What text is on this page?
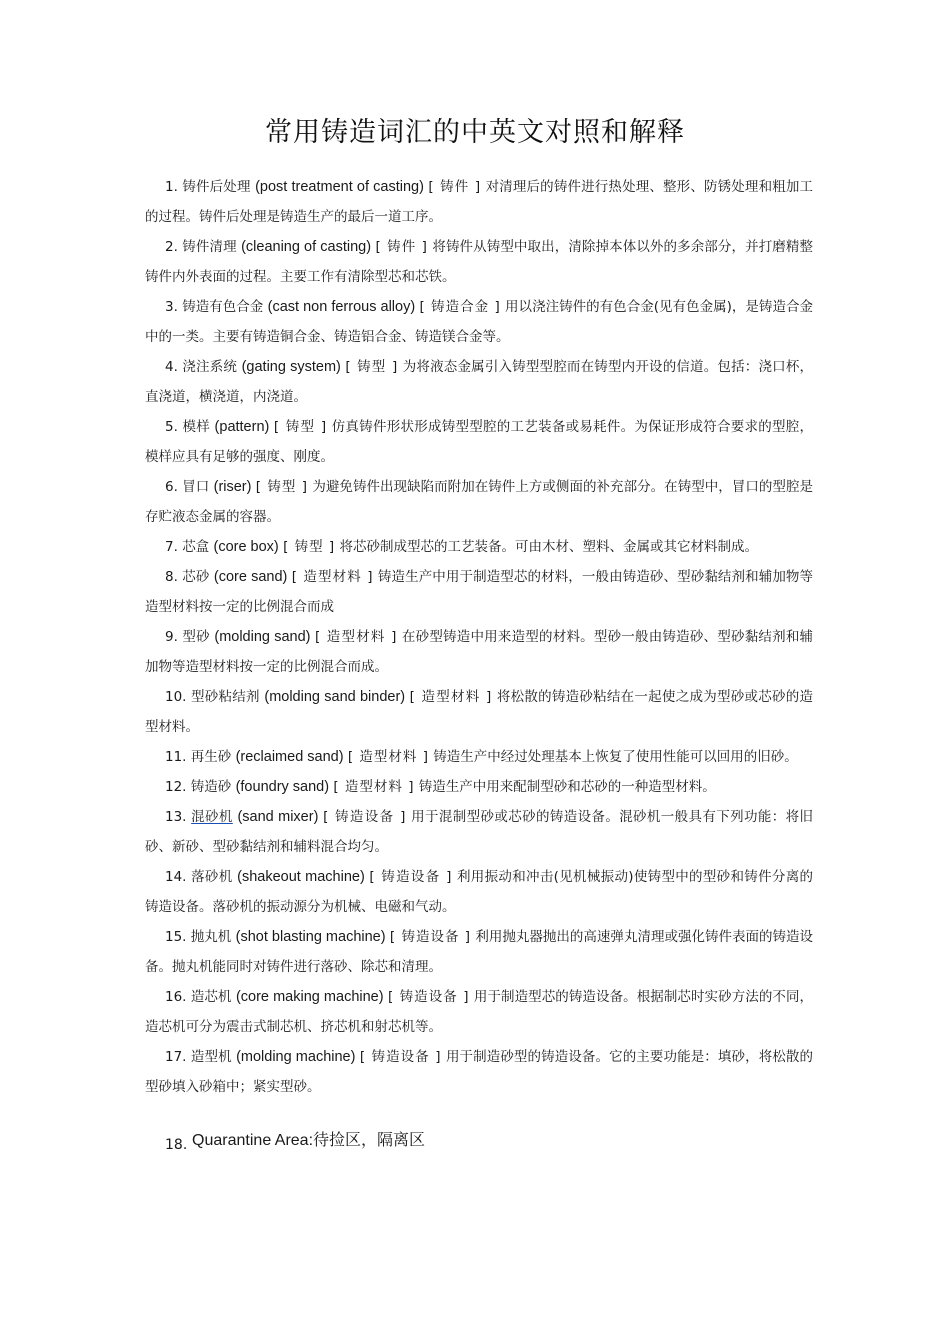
常用铸造词汇的中英文对照和解释
1. 铸件后处理 (post treatment of casting) [ 铸件 ] 对清理后的铸件进行热处理、整形、防锈处理和粗加工的过程。铸件后处理是铸造生产的最后一道工序。
2. 铸件清理 (cleaning of casting) [ 铸件 ] 将铸件从铸型中取出，清除掉本体以外的多余部分，并打磨精整铸件内外表面的过程。主要工作有清除型芯和芯铁。
3. 铸造有色合金 (cast non ferrous alloy) [ 铸造合金 ] 用以浇注铸件的有色合金(见有色金属)，是铸造合金中的一类。主要有铸造铜合金、铸造铝合金、铸造镁合金等。
4. 浇注系统 (gating system) [ 铸型 ] 为将液态金属引入铸型型腔而在铸型内开设的信道。包括：浇口杯，直浇道，横浇道，内浇道。
5. 模样 (pattern) [ 铸型 ] 仿真铸件形状形成铸型型腔的工艺装备或易耗件。为保证形成符合要求的型腔，模样应具有足够的强度、刚度。
6. 冒口 (riser) [ 铸型 ] 为避免铸件出现缺陷而附加在铸件上方或侧面的补充部分。在铸型中，冒口的型腔是存贮液态金属的容器。
7. 芯盒 (core box) [ 铸型 ] 将芯砂制成型芯的工艺装备。可由木材、塑料、金属或其它材料制成。
8. 芯砂 (core sand) [ 造型材料 ] 铸造生产中用于制造型芯的材料，一般由铸造砂、型砂黏结剂和辅加物等造型材料按一定的比例混合而成
9. 型砂 (molding sand) [ 造型材料 ] 在砂型铸造中用来造型的材料。型砂一般由铸造砂、型砂黏结剂和辅加物等造型材料按一定的比例混合而成。
10. 型砂粘结剂 (molding sand binder) [ 造型材料 ] 将松散的铸造砂粘结在一起使之成为型砂或芯砂的造型材料。
11. 再生砂 (reclaimed sand) [ 造型材料 ] 铸造生产中经过处理基本上恢复了使用性能可以回用的旧砂。
12. 铸造砂 (foundry sand) [ 造型材料 ] 铸造生产中用来配制型砂和芯砂的一种造型材料。
13. 混砂机 (sand mixer) [ 铸造设备 ] 用于混制型砂或芯砂的铸造设备。混砂机一般具有下列功能：将旧砂、新砂、型砂黏结剂和辅料混合均匀。
14. 落砂机 (shakeout machine) [ 铸造设备 ] 利用振动和冲击(见机械振动)使铸型中的型砂和铸件分离的铸造设备。落砂机的振动源分为机械、电磁和气动。
15. 抛丸机 (shot blasting machine) [ 铸造设备 ] 利用抛丸器抛出的高速弹丸清理或强化铸件表面的铸造设备。抛丸机能同时对铸件进行落砂、除芯和清理。
16. 造芯机 (core making machine) [ 铸造设备 ] 用于制造型芯的铸造设备。根据制芯时实砂方法的不同，造芯机可分为震击式制芯机、挤芯机和射芯机等。
17. 造型机 (molding machine) [ 铸造设备 ] 用于制造砂型的铸造设备。它的主要功能是：填砂，将松散的型砂填入砂箱中；紧实型砂。
18. Quarantine Area:待捡区，隔离区
